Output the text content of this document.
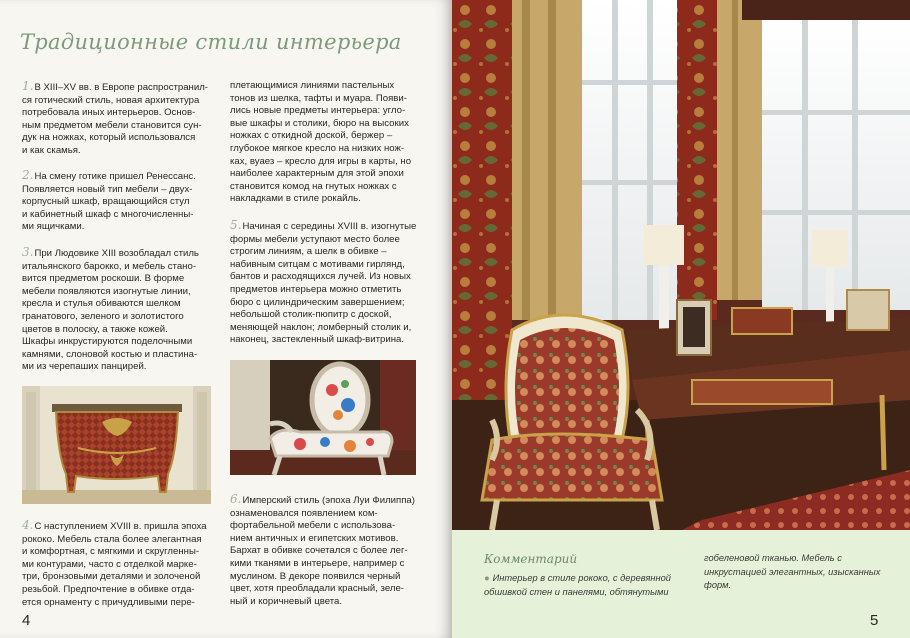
Традиционные стили интерьера

1.В XIII–XV вв. в Европе распространил-
ся готический стиль, новая архитектура
потребовала иных интерьеров. Основ-
ным предметом мебели становится сун-
дук на ножках, который использовался
и как скамья.

2.На смену готике пришел Ренессанс.
Появляется новый тип мебели – двух-
корпусный шкаф, вращающийся стул
и кабинетный шкаф с многочисленны-
ми ящичками.

3.При Людовике XIII возобладал стиль
итальянского барокко, и мебель стано-
вится предметом роскоши. В форме
мебели появляются изогнутые линии,
кресла и стулья обиваются шелком
гранатового, зеленого и золотистого
цветов в полоску, а также кожей.
Шкафы инкрустируются поделочными
камнями, слоновой костью и пластина-
ми из черепаших панцирей.

4.С наступлением XVIII в. пришла эпоха
рококо. Мебель стала более элегантная
и комфортная, с мягкими и скругленны-
ми контурами, часто с отделкой марке-
три, бронзовыми деталями и золоченой
резьбой. Предпочтение в обивке отда-
ется орнаменту с причудливыми пере-

плетающимися линиями пастельных
тонов из шелка, тафты и муара. Появи-
лись новые предметы интерьера: угло-
вые шкафы и столики, бюро на высоких
ножках с откидной доской, бержер –
глубокое мягкое кресло на низких нож-
ках, вуаез – кресло для игры в карты, но
наиболее характерным для этой эпохи
становится комод на гнутых ножках с
накладками в стиле рокайль.

5.Начиная с середины XVIII в. изогнутые
формы мебели уступают место более
строгим линиям, а шелк в обивке –
набивным ситцам с мотивами гирлянд,
бантов и расходящихся лучей. Из новых
предметов интерьера можно отметить
бюро с цилиндрическим завершением;
небольшой столик-пюпитр с доской,
меняющей наклон; ломберный столик и,
наконец, застекленный шкаф-витрина.

6.Имперский стиль (эпоха Луи Филиппа)
ознаменовался появлением ком-
фортабельной мебели с использова-
нием античных и египетских мотивов.
Бархат в обивке сочетался с более лег-
кими тканями в интерьере, например с
муслином. В декоре появился черный
цвет, хотя преобладали красный, зеле-
ный и коричневый цвета.

4
Комментарий

● Интерьер в стиле рококо, с деревянной
обшивкой стен и панелями, обтянутыми

гобеленовой тканью. Мебель с
инкрустацией элегантных, изысканных
форм.

5
